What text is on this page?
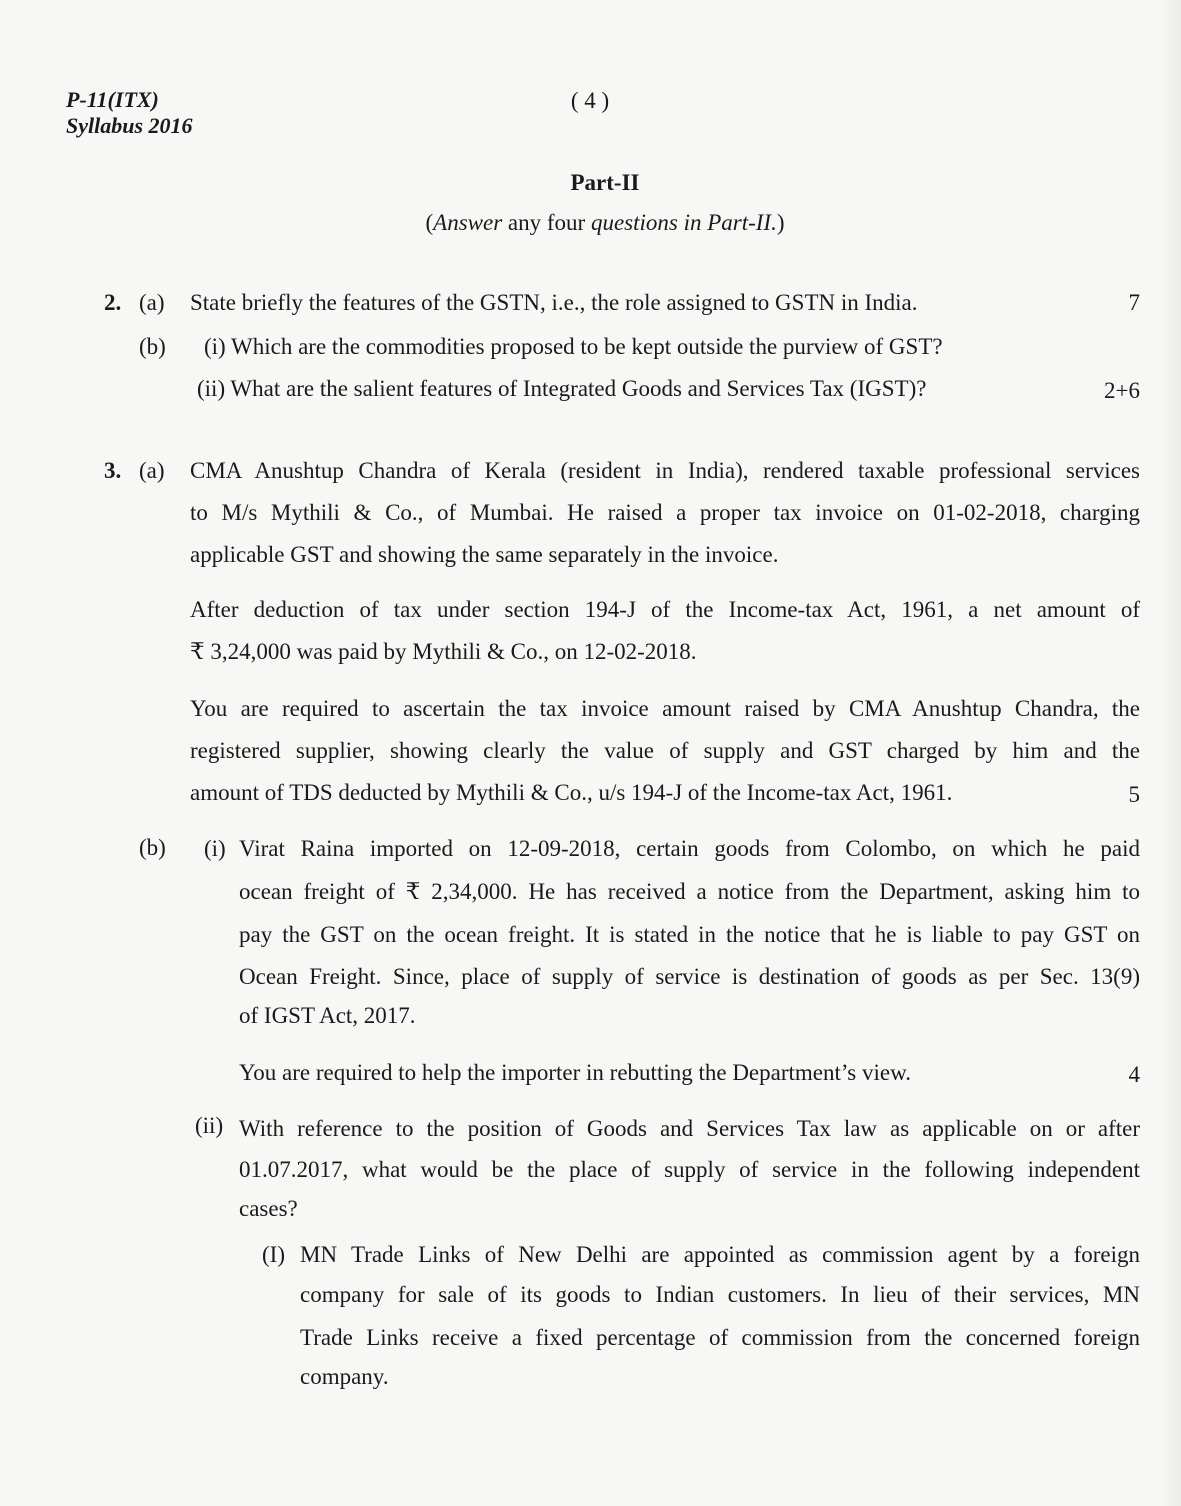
P-11(ITX)
Syllabus 2016
( 4 )
Part-II
(Answer any four questions in Part-II.)
2. (a) State briefly the features of the GSTN, i.e., the role assigned to GSTN in India.	7
(b) (i) Which are the commodities proposed to be kept outside the purview of GST?
(ii) What are the salient features of Integrated Goods and Services Tax (IGST)?	2+6
3. (a) CMA Anushtup Chandra of Kerala (resident in India), rendered taxable professional services
to M/s Mythili & Co., of Mumbai. He raised a proper tax invoice on 01-02-2018, charging
applicable GST and showing the same separately in the invoice.
After deduction of tax under section 194-J of the Income-tax Act, 1961, a net amount of
₹ 3,24,000 was paid by Mythili & Co., on 12-02-2018.
You are required to ascertain the tax invoice amount raised by CMA Anushtup Chandra, the
registered supplier, showing clearly the value of supply and GST charged by him and the
amount of TDS deducted by Mythili & Co., u/s 194-J of the Income-tax Act, 1961.	5
(b) (i) Virat Raina imported on 12-09-2018, certain goods from Colombo, on which he paid
ocean freight of ₹ 2,34,000. He has received a notice from the Department, asking him to
pay the GST on the ocean freight. It is stated in the notice that he is liable to pay GST on
Ocean Freight. Since, place of supply of service is destination of goods as per Sec. 13(9)
of IGST Act, 2017.
You are required to help the importer in rebutting the Department’s view.	4
(ii) With reference to the position of Goods and Services Tax law as applicable on or after
01.07.2017, what would be the place of supply of service in the following independent
cases?
(I) MN Trade Links of New Delhi are appointed as commission agent by a foreign
company for sale of its goods to Indian customers. In lieu of their services, MN
Trade Links receive a fixed percentage of commission from the concerned foreign
company.
